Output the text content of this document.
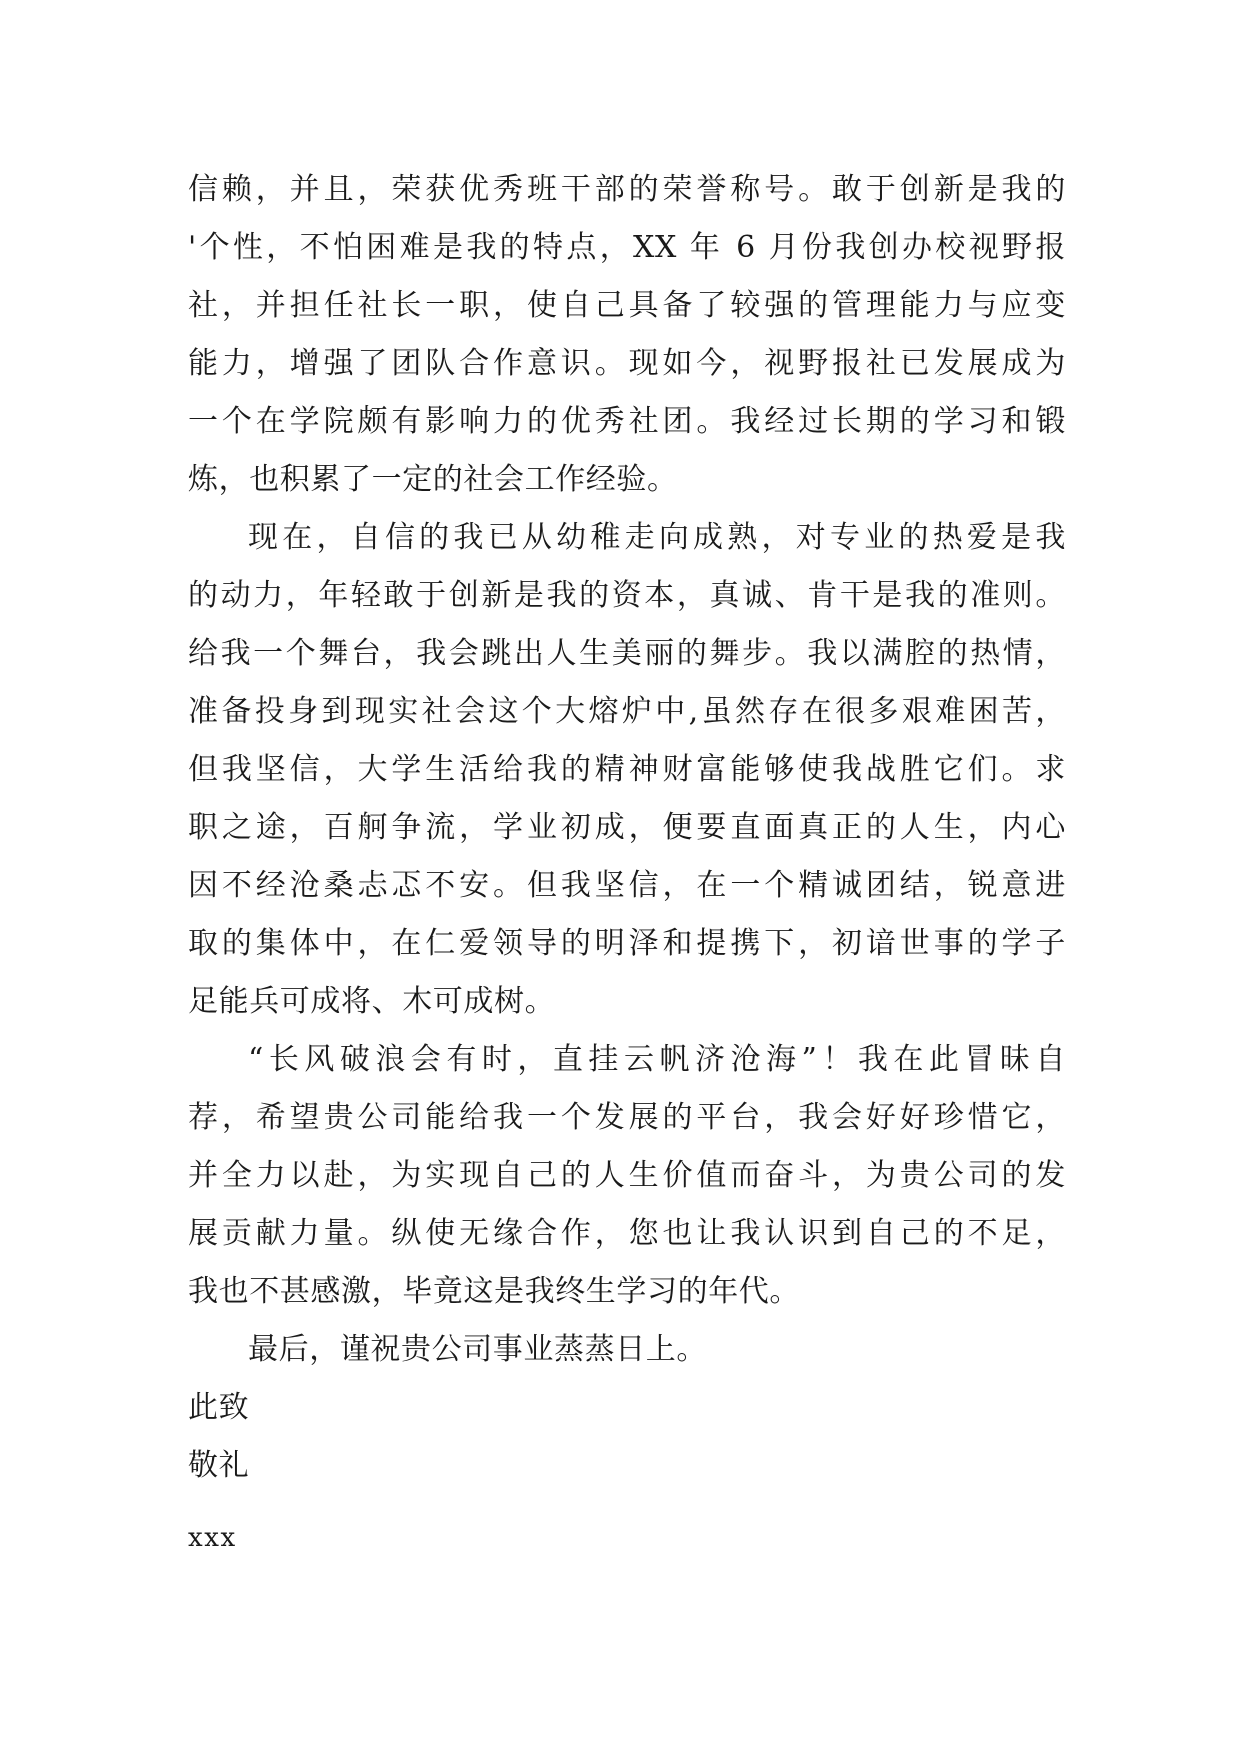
信赖，并且，荣获优秀班干部的荣誉称号。敢于创新是我的
'个性，不怕困难是我的特点，XX 年 6 月份我创办校视野报
社，并担任社长一职，使自己具备了较强的管理能力与应变
能力，增强了团队合作意识。现如今，视野报社已发展成为
一个在学院颇有影响力的优秀社团。我经过长期的学习和锻
炼，也积累了一定的社会工作经验。
现在，自信的我已从幼稚走向成熟，对专业的热爱是我
的动力，年轻敢于创新是我的资本，真诚、肯干是我的准则。
给我一个舞台，我会跳出人生美丽的舞步。我以满腔的热情，
准备投身到现实社会这个大熔炉中,虽然存在很多艰难困苦，
但我坚信，大学生活给我的精神财富能够使我战胜它们。求
职之途，百舸争流，学业初成，便要直面真正的人生，内心
因不经沧桑忐忑不安。但我坚信，在一个精诚团结，锐意进
取的集体中，在仁爱领导的明泽和提携下，初谙世事的学子
足能兵可成将、木可成树。
“长风破浪会有时，直挂云帆济沧海”！我在此冒昧自
荐，希望贵公司能给我一个发展的平台，我会好好珍惜它，
并全力以赴，为实现自己的人生价值而奋斗，为贵公司的发
展贡献力量。纵使无缘合作，您也让我认识到自己的不足，
我也不甚感激，毕竟这是我终生学习的年代。
最后，谨祝贵公司事业蒸蒸日上。
此致
敬礼
xxx
